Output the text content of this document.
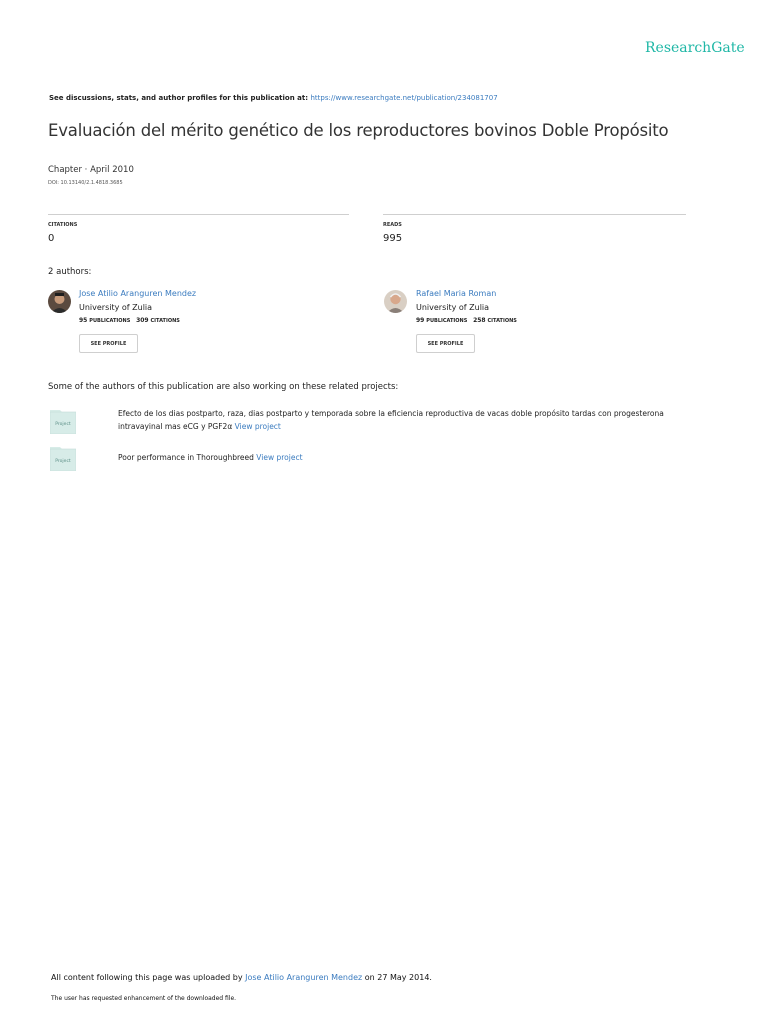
ResearchGate
See discussions, stats, and author profiles for this publication at: https://www.researchgate.net/publication/234081707
Evaluación del mérito genético de los reproductores bovinos Doble Propósito
Chapter · April 2010
DOI: 10.13140/2.1.4818.3685
CITATIONS
0
READS
995
2 authors:
Jose Atilio Aranguren Mendez
University of Zulia
95 PUBLICATIONS 309 CITATIONS
SEE PROFILE
Rafael Maria Roman
University of Zulia
99 PUBLICATIONS 258 CITATIONS
SEE PROFILE
Some of the authors of this publication are also working on these related projects:
Project
Efecto de los dias postparto, raza, dias postparto y temporada sobre la eficiencia reproductiva de vacas doble propósito tardas con progesterona intravayinal mas eCG y PGF2α View project
Project	Poor performance in Thoroughbreed View project
All content following this page was uploaded by Jose Atilio Aranguren Mendez on 27 May 2014.
The user has requested enhancement of the downloaded file.
